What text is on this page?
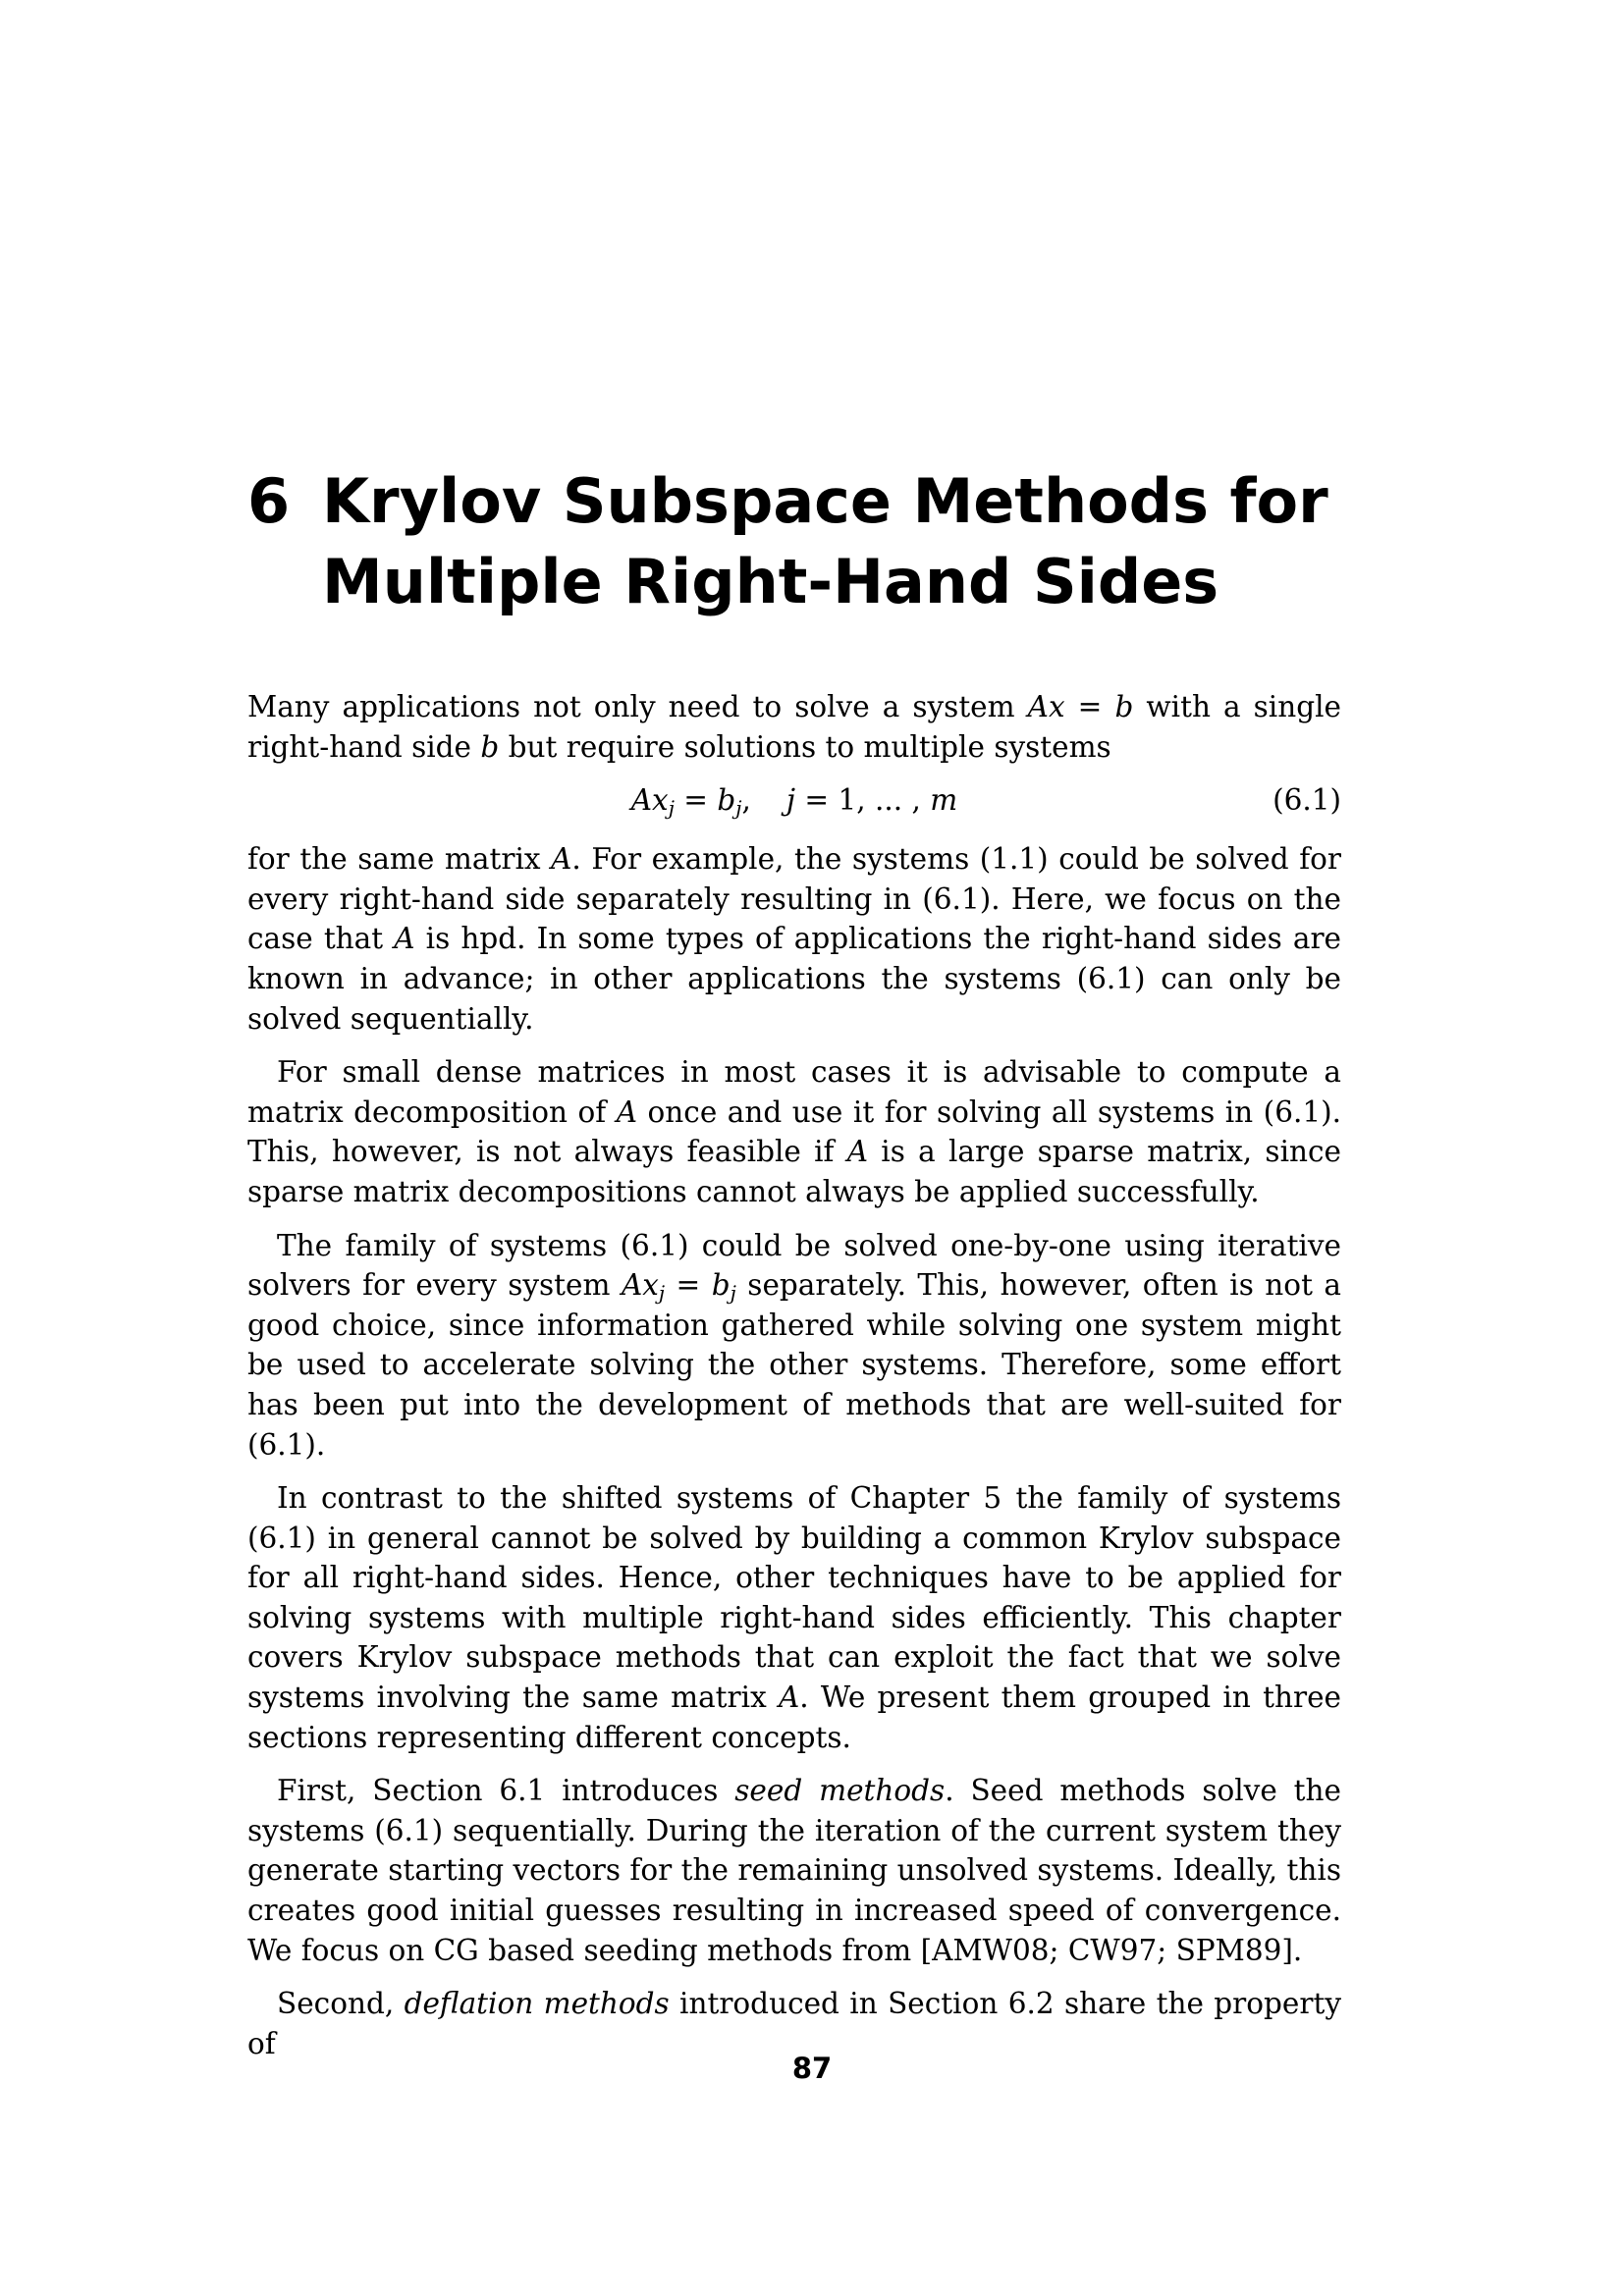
6 Krylov Subspace Methods for
Multiple Right-Hand Sides

Many applications not only need to solve a system Ax = b with a single right-hand side b but require solutions to multiple systems

$Ax_j = b_j$, j = 1, ... , m	(6.1)

for the same matrix A. For example, the systems (1.1) could be solved for every right-hand side separately resulting in (6.1). Here, we focus on the case that A is hpd. In some types of applications the right-hand sides are known in advance; in other applications the systems (6.1) can only be solved sequentially.

For small dense matrices in most cases it is advisable to compute a matrix decomposition of A once and use it for solving all systems in (6.1). This, however, is not always feasible if A is a large sparse matrix, since sparse matrix decompositions cannot always be applied successfully.

The family of systems (6.1) could be solved one-by-one using iterative solvers for every system $Ax_j = b_j$ separately. This, however, often is not a good choice, since information gathered while solving one system might be used to accelerate solving the other systems. Therefore, some effort has been put into the development of methods that are well-suited for (6.1).

In contrast to the shifted systems of Chapter 5 the family of systems (6.1) in general cannot be solved by building a common Krylov subspace for all right-hand sides. Hence, other techniques have to be applied for solving systems with multiple right-hand sides efficiently. This chapter covers Krylov subspace methods that can exploit the fact that we solve systems involving the same matrix A. We present them grouped in three sections representing different concepts.

First, Section 6.1 introduces seed methods. Seed methods solve the systems (6.1) sequentially. During the iteration of the current system they generate starting vectors for the remaining unsolved systems. Ideally, this creates good initial guesses resulting in increased speed of convergence. We focus on CG based seeding methods from [AMW08; CW97; SPM89].

Second, deflation methods introduced in Section 6.2 share the property of

87
